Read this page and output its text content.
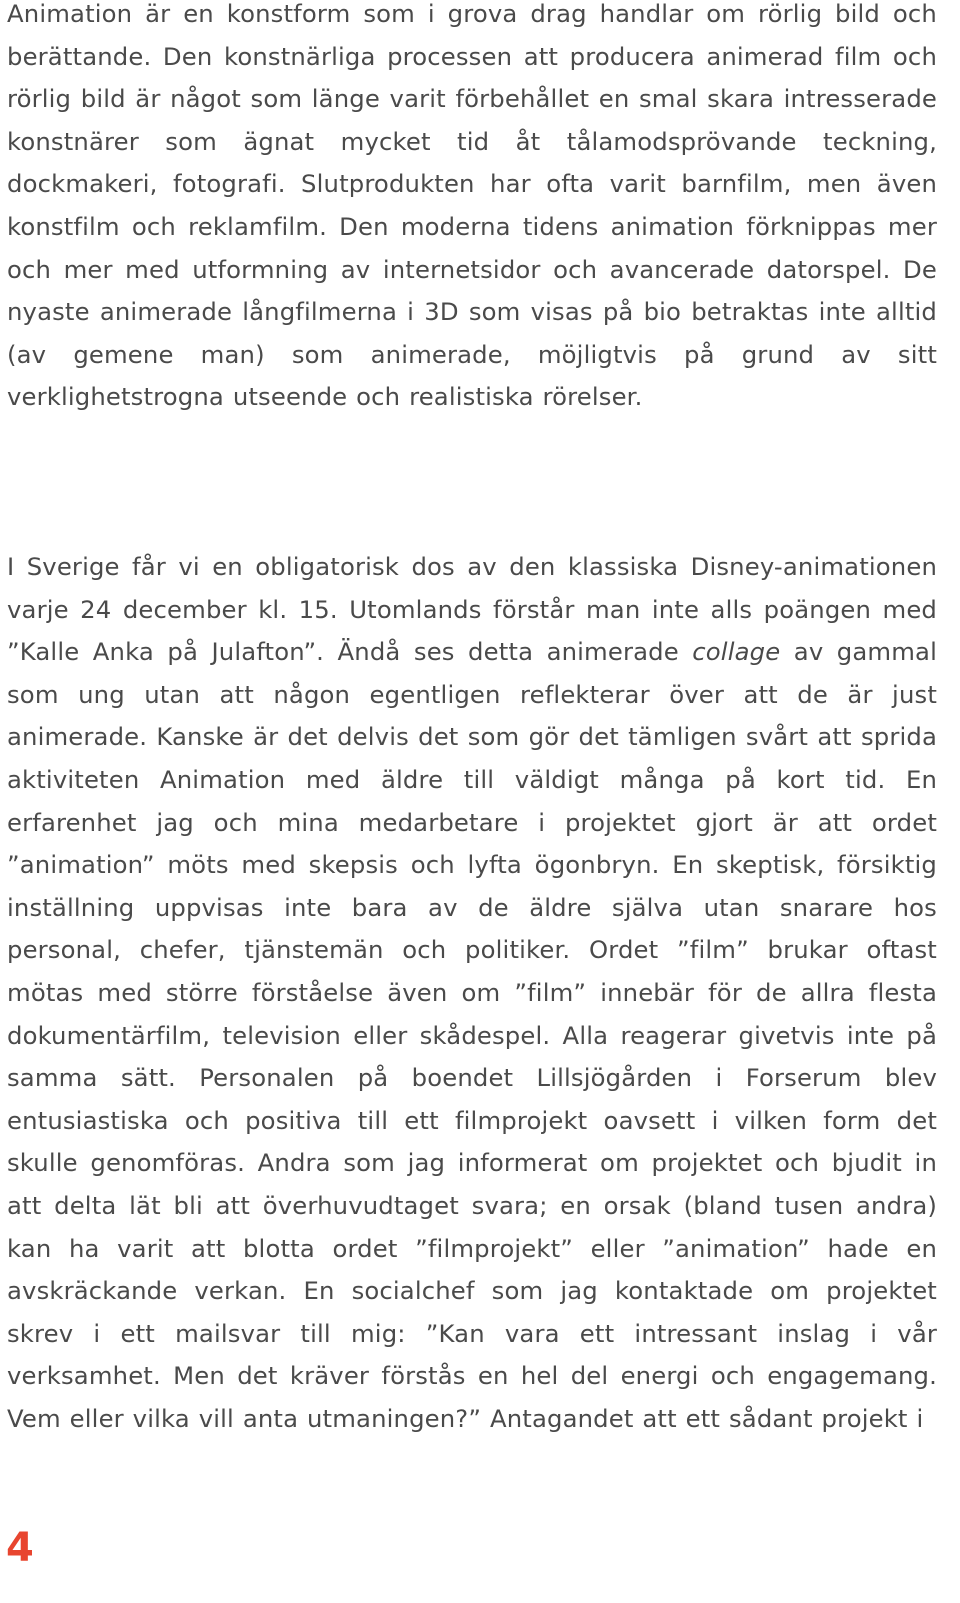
Animation är en konstform som i grova drag handlar om rörlig bild och berättande. Den konstnärliga processen att producera animerad film och rörlig bild är något som länge varit förbehållet en smal skara intresserade konstnärer som ägnat mycket tid åt tålamodsprövande teckning, dockmakeri, fotografi. Slutprodukten har ofta varit barnfilm, men även konstfilm och reklamfilm. Den moderna tidens animation förknippas mer och mer med utformning av internetsidor och avancerade datorspel. De nyaste animerade långfilmerna i 3D som visas på bio betraktas inte alltid (av gemene man) som animerade, möjligtvis på grund av sitt verklighetstrogna utseende och realistiska rörelser.

I Sverige får vi en obligatorisk dos av den klassiska Disney-animationen varje 24 december kl. 15. Utomlands förstår man inte alls poängen med ”Kalle Anka på Julafton”. Ändå ses detta animerade collage av gammal som ung utan att någon egentligen reflekterar över att de är just animerade. Kanske är det delvis det som gör det tämligen svårt att sprida aktiviteten Animation med äldre till väldigt många på kort tid. En erfarenhet jag och mina medarbetare i projektet gjort är att ordet ”animation” möts med skepsis och lyfta ögonbryn. En skeptisk, försiktig inställning uppvisas inte bara av de äldre själva utan snarare hos personal, chefer, tjänstemän och politiker. Ordet ”film” brukar oftast mötas med större förståelse även om ”film” innebär för de allra flesta dokumentärfilm, television eller skådespel. Alla reagerar givetvis inte på samma sätt. Personalen på boendet Lillsjögården i Forserum blev entusiastiska och positiva till ett filmprojekt oavsett i vilken form det skulle genomföras. Andra som jag informerat om projektet och bjudit in att delta lät bli att överhuvudtaget svara; en orsak (bland tusen andra) kan ha varit att blotta ordet ”filmprojekt” eller ”animation” hade en avskräckande verkan. En socialchef som jag kontaktade om projektet skrev i ett mailsvar till mig: ”Kan vara ett intressant inslag i vår verksamhet. Men det kräver förstås en hel del energi och engagemang. Vem eller vilka vill anta utmaningen?” Antagandet att ett sådant projekt i

4
